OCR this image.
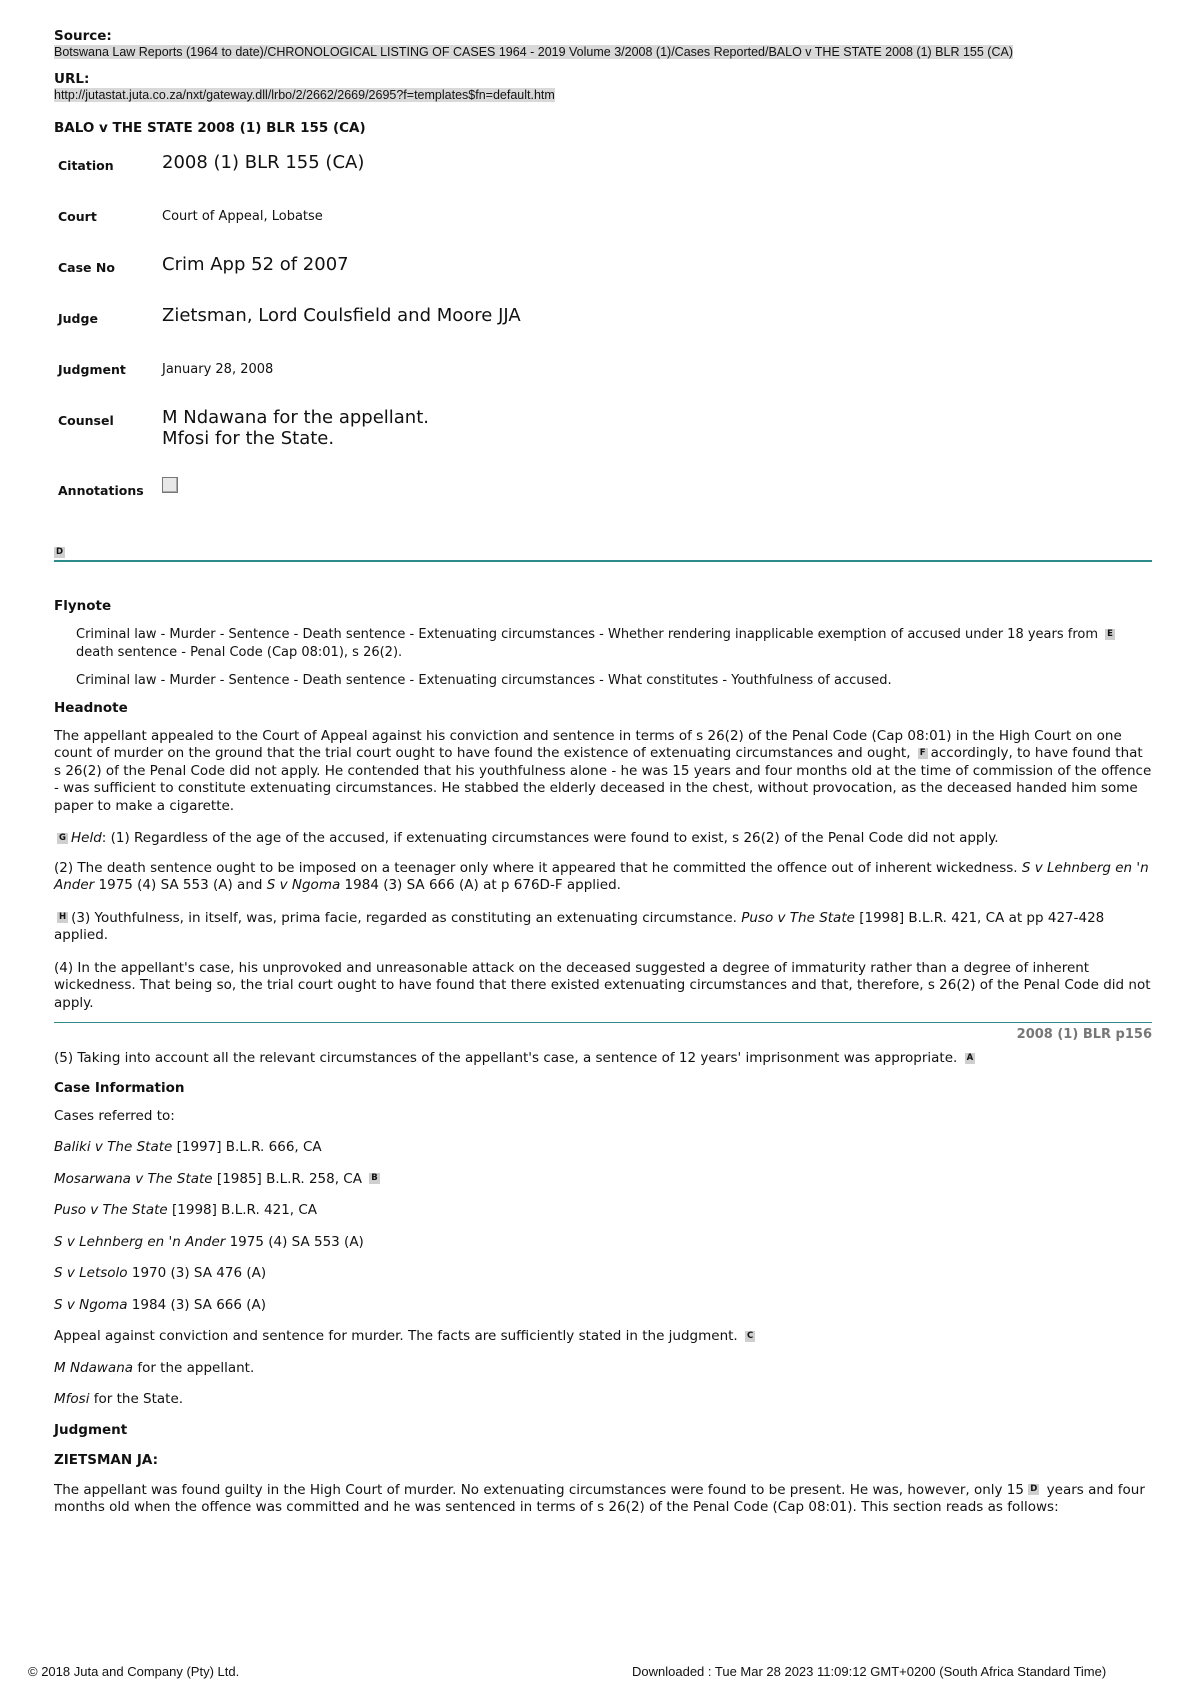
Source:
Botswana Law Reports (1964 to date)/CHRONOLOGICAL LISTING OF CASES 1964 - 2019 Volume 3/2008 (1)/Cases Reported/BALO v THE STATE 2008 (1) BLR 155 (CA)
URL:
http://jutastat.juta.co.za/nxt/gateway.dll/lrbo/2/2662/2669/2695?f=templates$fn=default.htm
BALO v THE STATE 2008 (1) BLR 155 (CA)
Citation	2008 (1) BLR 155 (CA)
Court	Court of Appeal, Lobatse
Case No	Crim App 52 of 2007
Judge	Zietsman, Lord Coulsfield and Moore JJA
Judgment	January 28, 2008
Counsel	M Ndawana for the appellant.
Mfosi for the State.

Annotations	
D
Flynote

Criminal law - Murder - Sentence - Death sentence - Extenuating circumstances - Whether rendering inapplicable exemption of accused under 18 years from Edeath sentence - Penal Code (Cap 08:01), s 26(2).

Criminal law - Murder - Sentence - Death sentence - Extenuating circumstances - What constitutes - Youthfulness of accused.

Headnote

The appellant appealed to the Court of Appeal against his conviction and sentence in terms of s 26(2) of the Penal Code (Cap 08:01) in the High Court on one count of murder on the ground that the trial court ought to have found the existence of extenuating circumstances and ought, F accordingly, to have found that s 26(2) of the Penal Code did not apply. He contended that his youthfulness alone - he was 15 years and four months old at the time of commission of the offence - was sufficient to constitute extenuating circumstances. He stabbed the elderly deceased in the chest, without provocation, as the deceased handed him some paper to make a cigarette.

G Held: (1) Regardless of the age of the accused, if extenuating circumstances were found to exist, s 26(2) of the Penal Code did not apply.

(2) The death sentence ought to be imposed on a teenager only where it appeared that he committed the offence out of inherent wickedness. S v Lehnberg en 'n Ander 1975 (4) SA 553 (A) and S v Ngoma 1984 (3) SA 666 (A) at p 676D-F applied.

H (3) Youthfulness, in itself, was, prima facie, regarded as constituting an extenuating circumstance. Puso v The State [1998] B.L.R. 421, CA at pp 427-428 applied.

(4) In the appellant's case, his unprovoked and unreasonable attack on the deceased suggested a degree of immaturity rather than a degree of inherent wickedness. That being so, the trial court ought to have found that there existed extenuating circumstances and that, therefore, s 26(2) of the Penal Code did not apply.

2008 (1) BLR p156

(5) Taking into account all the relevant circumstances of the appellant's case, a sentence of 12 years' imprisonment was appropriate. A

Case Information

Cases referred to:

Baliki v The State [1997] B.L.R. 666, CA

Mosarwana v The State [1985] B.L.R. 258, CA B

Puso v The State [1998] B.L.R. 421, CA

S v Lehnberg en 'n Ander 1975 (4) SA 553 (A)

S v Letsolo 1970 (3) SA 476 (A)

S v Ngoma 1984 (3) SA 666 (A)

Appeal against conviction and sentence for murder. The facts are sufficiently stated in the judgment. C

M Ndawana for the appellant.

Mfosi for the State.

Judgment
ZIETSMAN JA:

The appellant was found guilty in the High Court of murder. No extenuating circumstances were found to be present. He was, however, only 15 D years and four months old when the offence was committed and he was sentenced in terms of s 26(2) of the Penal Code (Cap 08:01). This section reads as follows:

© 2018 Juta and Company (Pty) Ltd.	Downloaded : Tue Mar 28 2023 11:09:12 GMT+0200 (South Africa Standard Time)
